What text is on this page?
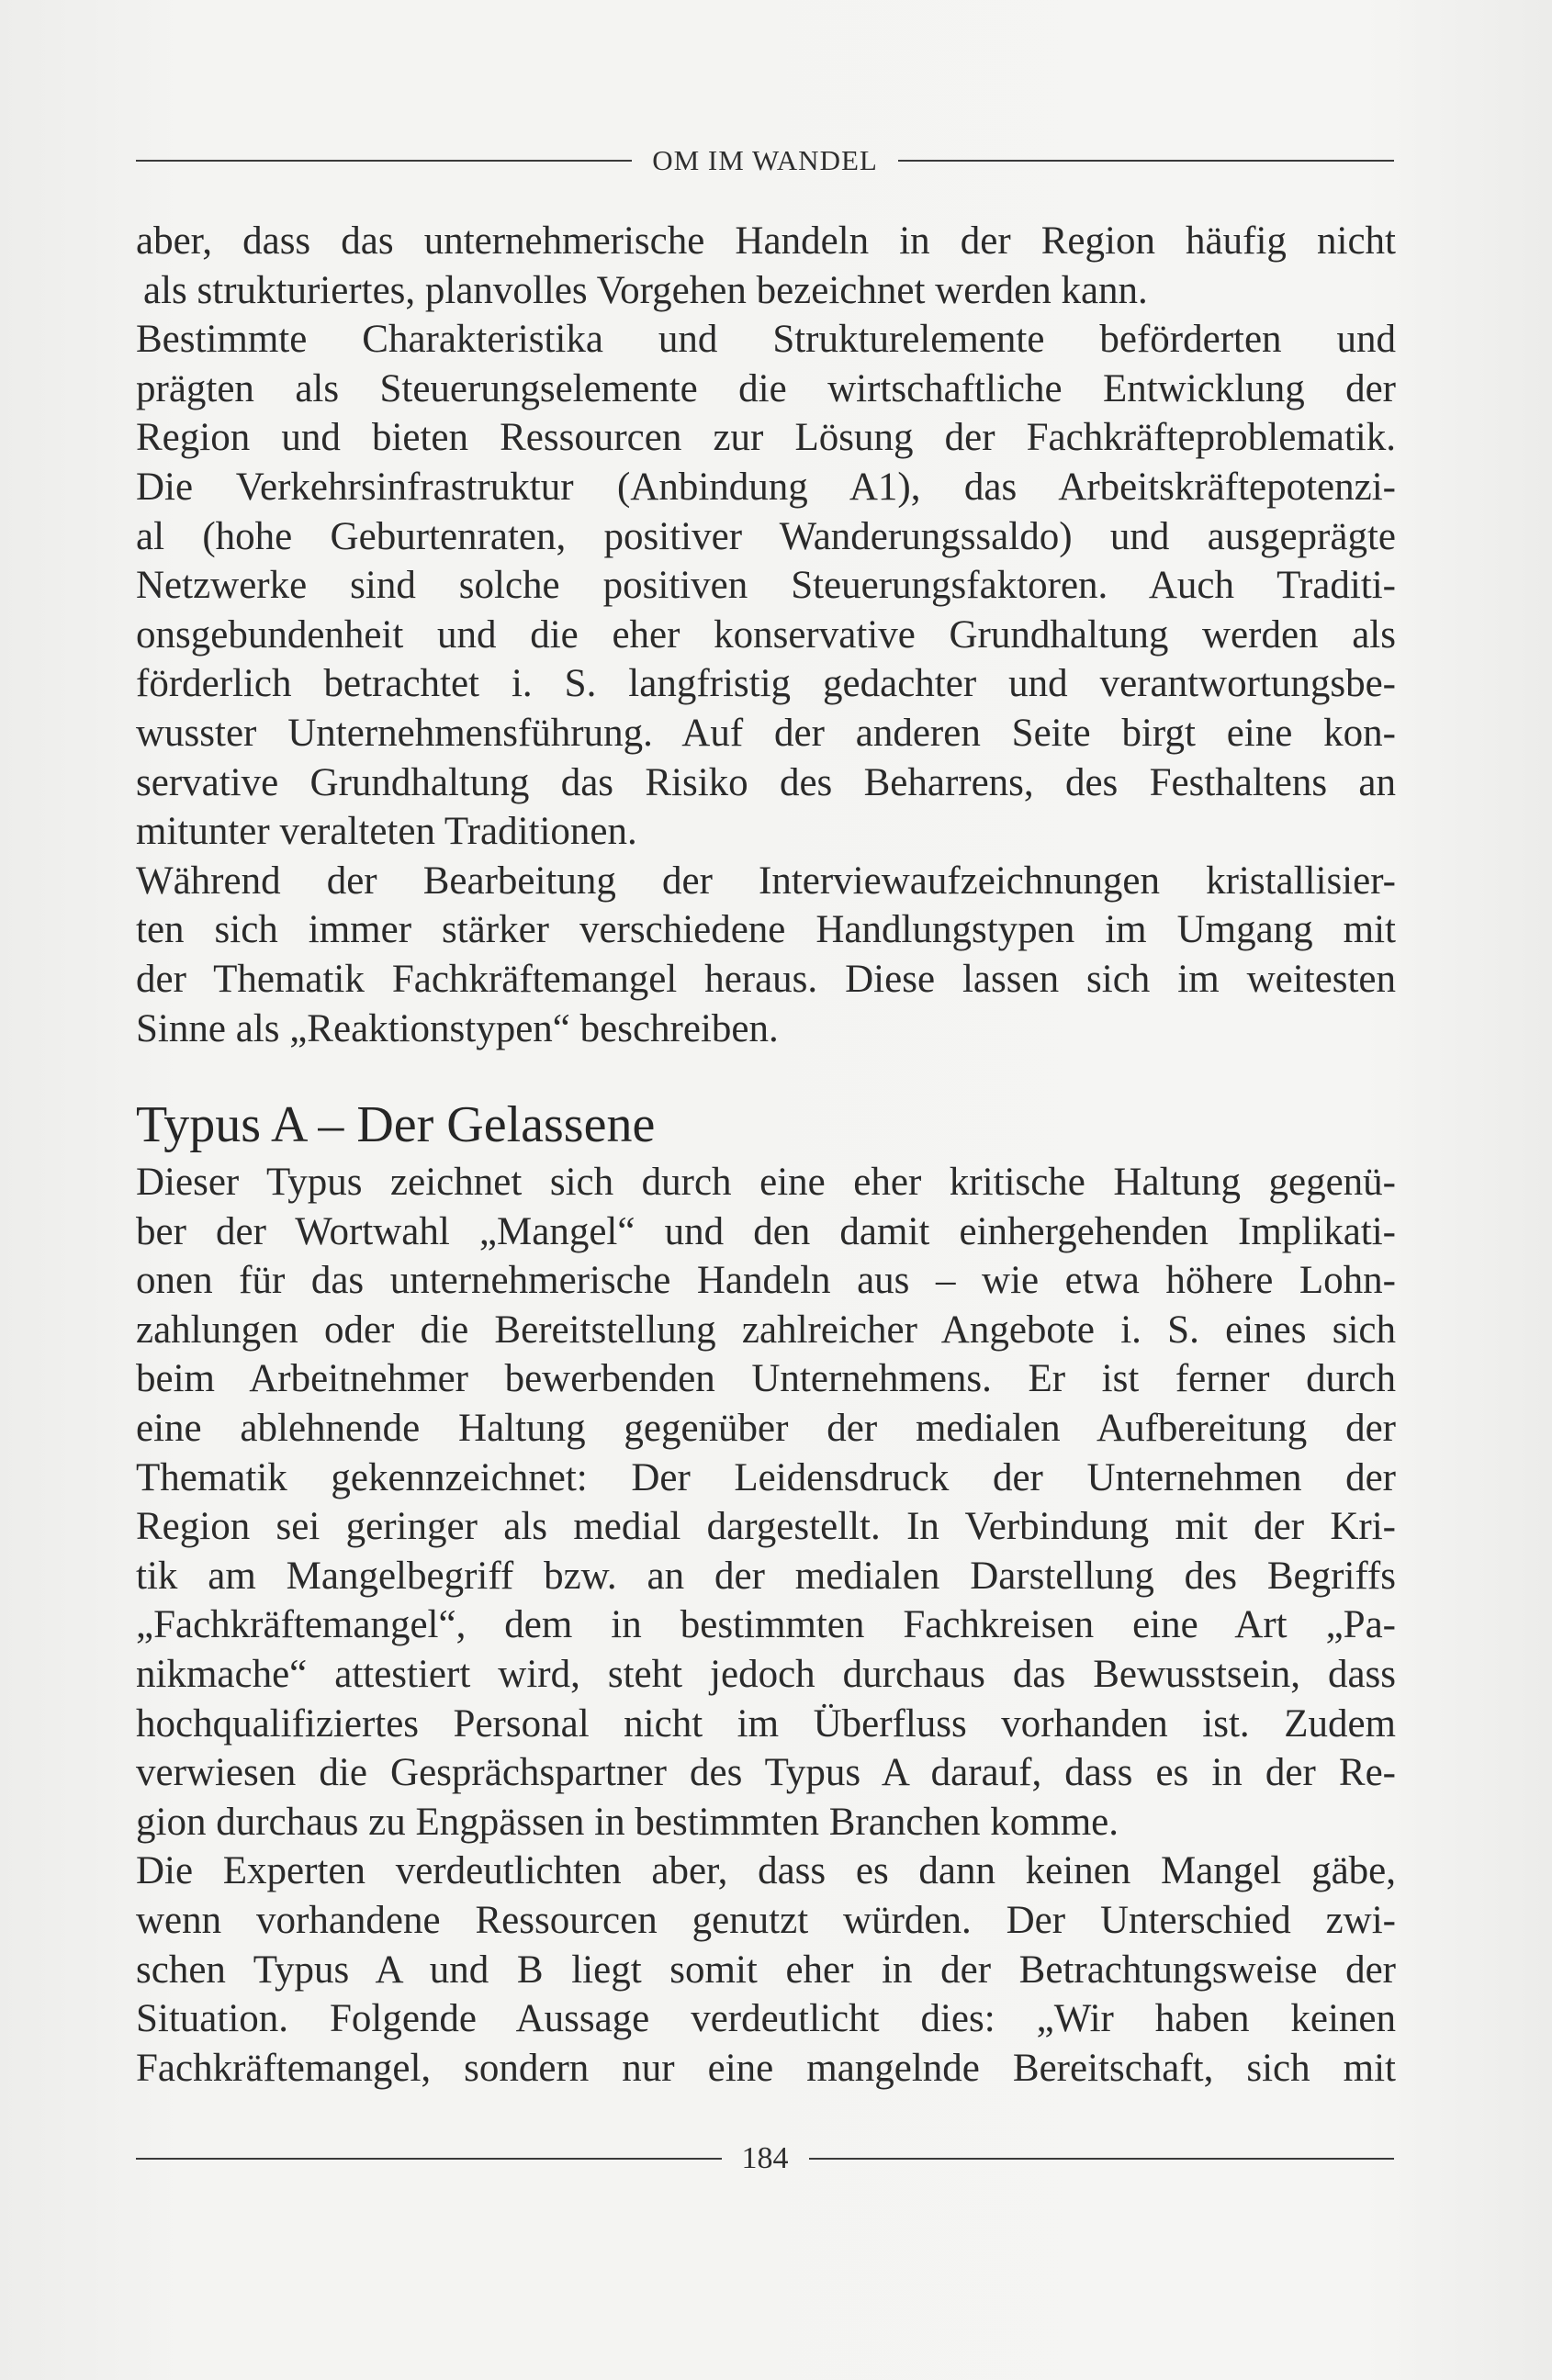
OM IM WANDEL

aber, dass das unternehmerische Handeln in der Region häufig nicht

als strukturiertes, planvolles Vorgehen bezeichnet werden kann.

Bestimmte Charakteristika und Strukturelemente beförderten und

prägten als Steuerungselemente die wirtschaftliche Entwicklung der

Region und bieten Ressourcen zur Lösung der Fachkräfteproblematik.

Die Verkehrsinfrastruktur (Anbindung A1), das Arbeitskräftepotenzi-

al (hohe Geburtenraten, positiver Wanderungssaldo) und ausgeprägte

Netzwerke sind solche positiven Steuerungsfaktoren. Auch Traditi-

onsgebundenheit und die eher konservative Grundhaltung werden als

förderlich betrachtet i. S. langfristig gedachter und verantwortungsbe-

wusster Unternehmensführung. Auf der anderen Seite birgt eine kon-

servative Grundhaltung das Risiko des Beharrens, des Festhaltens an

mitunter veralteten Traditionen.

Während der Bearbeitung der Interviewaufzeichnungen kristallisier-

ten sich immer stärker verschiedene Handlungstypen im Umgang mit

der Thematik Fachkräftemangel heraus. Diese lassen sich im weitesten

Sinne als „Reaktionstypen“ beschreiben.

Typus A – Der Gelassene

Dieser Typus zeichnet sich durch eine eher kritische Haltung gegenü-

ber der Wortwahl „Mangel“ und den damit einhergehenden Implikati-

onen für das unternehmerische Handeln aus – wie etwa höhere Lohn-

zahlungen oder die Bereitstellung zahlreicher Angebote i. S. eines sich

beim Arbeitnehmer bewerbenden Unternehmens. Er ist ferner durch

eine ablehnende Haltung gegenüber der medialen Aufbereitung der

Thematik gekennzeichnet: Der Leidensdruck der Unternehmen der

Region sei geringer als medial dargestellt. In Verbindung mit der Kri-

tik am Mangelbegriff bzw. an der medialen Darstellung des Begriffs

„Fachkräftemangel“, dem in bestimmten Fachkreisen eine Art „Pa-

nikmache“ attestiert wird, steht jedoch durchaus das Bewusstsein, dass

hochqualifiziertes Personal nicht im Überfluss vorhanden ist. Zudem

verwiesen die Gesprächspartner des Typus A darauf, dass es in der Re-

gion durchaus zu Engpässen in bestimmten Branchen komme.

Die Experten verdeutlichten aber, dass es dann keinen Mangel gäbe,

wenn vorhandene Ressourcen genutzt würden. Der Unterschied zwi-

schen Typus A und B liegt somit eher in der Betrachtungsweise der

Situation. Folgende Aussage verdeutlicht dies: „Wir haben keinen

Fachkräftemangel, sondern nur eine mangelnde Bereitschaft, sich mit

184
